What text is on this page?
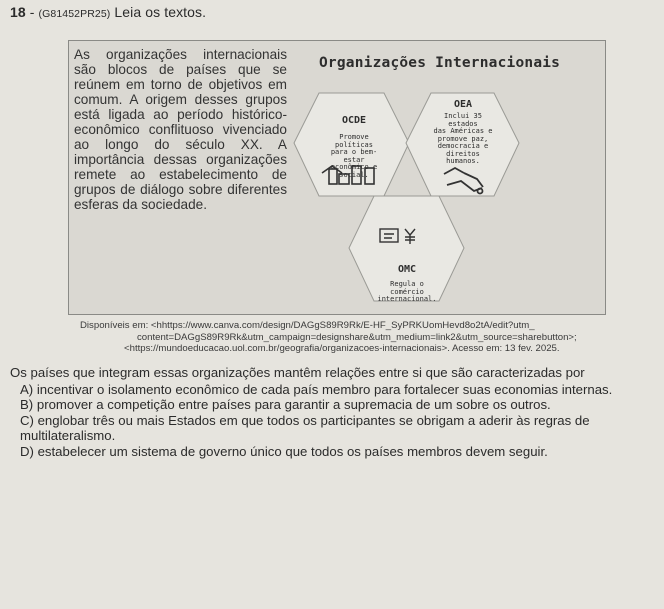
18 - (G81452PR25) Leia os textos.
As organizações internacionais são blocos de países que se reúnem em torno de objetivos em comum. A origem desses grupos está ligada ao período histórico-econômico conflituoso vivenciado ao longo do século XX. A importância dessas organizações remete ao estabelecimento de grupos de diálogo sobre diferentes esferas da sociedade.
Organizações Internacionais
OCDE
Promove políticas
para o bem-estar
econômico e social.
OEA
Inclui 35 estados
das Américas e
promove paz,
democracia e
direitos humanos.
OMC
Regula o comércio
internacional.
Disponíveis em: <hhttps://www.canva.com/design/DAGgS89R9Rk/E-HF_SyPRKUomHevd8o2tA/edit?utm_
content=DAGgS89R9Rk&utm_campaign=designshare&utm_medium=link2&utm_source=sharebutton>;
<https://mundoeducacao.uol.com.br/geografia/organizacoes-internacionais>. Acesso em: 13 fev. 2025.
Os países que integram essas organizações mantêm relações entre si que são caracterizadas por
A) incentivar o isolamento econômico de cada país membro para fortalecer suas economias internas.
B) promover a competição entre países para garantir a supremacia de um sobre os outros.
C) englobar três ou mais Estados em que todos os participantes se obrigam a aderir às regras de multilateralismo.
D) estabelecer um sistema de governo único que todos os países membros devem seguir.
